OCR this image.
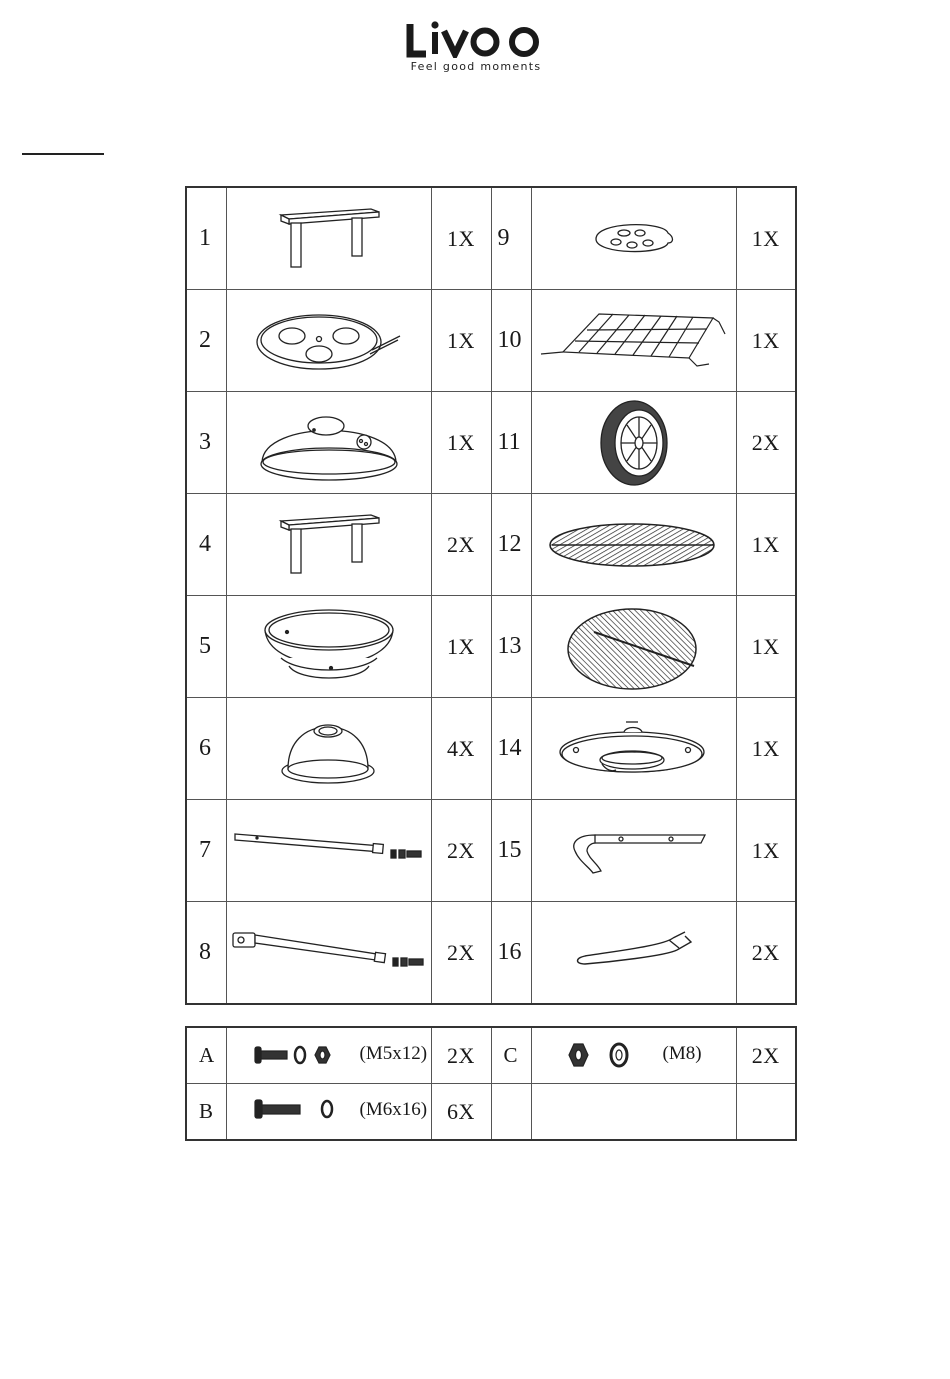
Feel good moments
1		1X	9		1X
2		1X	10		1X
3		1X	11		2X
4		2X	12		1X
5		1X	13		1X
6		4X	14		1X
7		2X	15		1X
8		2X	16		2X
A	(M5x12)	2X	C	(M8)	2X
B	(M6x16)	6X			
